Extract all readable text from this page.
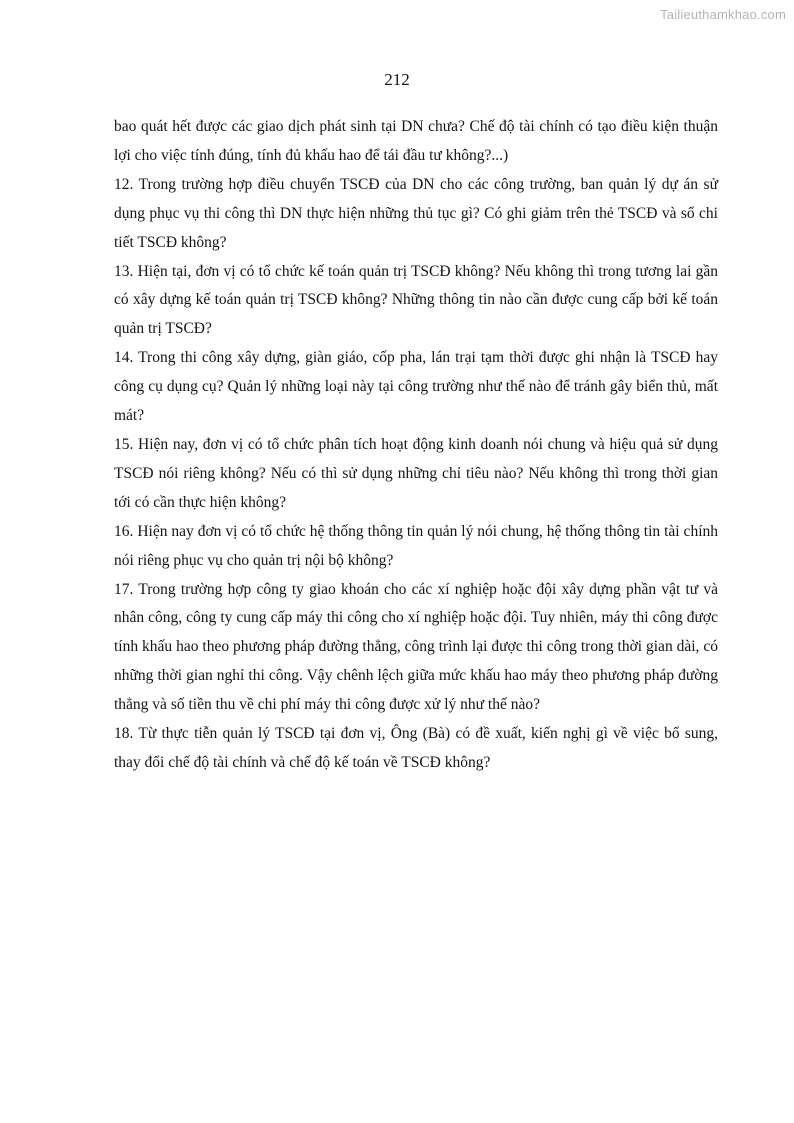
Tailieuthamkhao.com
212

bao quát hết được các giao dịch phát sinh tại DN chưa? Chế độ tài chính có tạo điều kiện thuận lợi cho việc tính đúng, tính đủ khấu hao để tái đầu tư không?...)

12. Trong trường hợp điều chuyển TSCĐ của DN cho các công trường, ban quản lý dự án sử dụng phục vụ thi công thì DN thực hiện những thủ tục gì? Có ghi giảm trên thẻ TSCĐ và sổ chi tiết TSCĐ không?

13. Hiện tại, đơn vị có tổ chức kế toán quản trị TSCĐ không? Nếu không thì trong tương lai gần có xây dựng kế toán quản trị TSCĐ không? Những thông tin nào cần được cung cấp bởi kế toán quản trị TSCĐ?

14. Trong thi công xây dựng, giàn giáo, cốp pha, lán trại tạm thời được ghi nhận là TSCĐ hay công cụ dụng cụ? Quản lý những loại này tại công trường như thế nào để tránh gây biển thủ, mất mát?

15. Hiện nay, đơn vị có tổ chức phân tích hoạt động kinh doanh nói chung và hiệu quả sử dụng TSCĐ nói riêng không? Nếu có thì sử dụng những chỉ tiêu nào? Nếu không thì trong thời gian tới có cần thực hiện không?

16. Hiện nay đơn vị có tổ chức hệ thống thông tin quản lý nói chung, hệ thống thông tin tài chính nói riêng phục vụ cho quản trị nội bộ không?

17. Trong trường hợp công ty giao khoán cho các xí nghiệp hoặc đội xây dựng phần vật tư và nhân công, công ty cung cấp máy thi công cho xí nghiệp hoặc đội. Tuy nhiên, máy thi công được tính khấu hao theo phương pháp đường thẳng, công trình lại được thi công trong thời gian dài, có những thời gian nghỉ thi công. Vậy chênh lệch giữa mức khấu hao máy theo phương pháp đường thẳng và số tiền thu về chi phí máy thi công được xử lý như thế nào?

18. Từ thực tiễn quản lý TSCĐ tại đơn vị, Ông (Bà) có đề xuất, kiến nghị gì về việc bổ sung, thay đổi chế độ tài chính và chế độ kế toán về TSCĐ không?
